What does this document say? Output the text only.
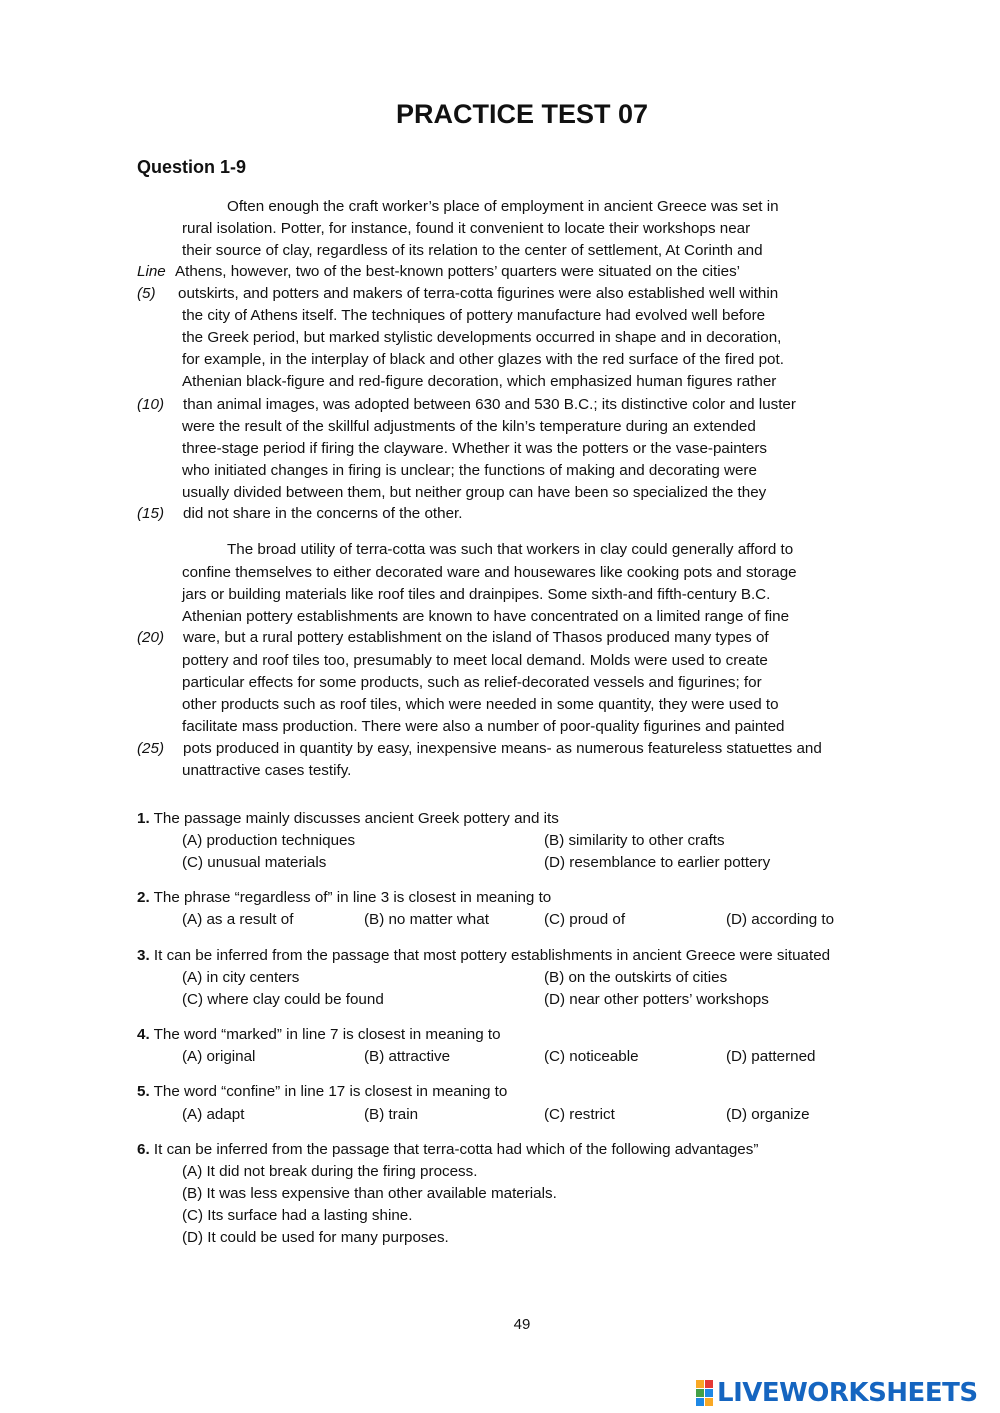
PRACTICE TEST 07
Question 1-9
Often enough the craft worker’s place of employment in ancient Greece was set in
rural isolation. Potter, for instance, found it convenient to locate their workshops near
their source of clay, regardless of its relation to the center of settlement, At Corinth and
Athens, however, two of the best-known potters’ quarters were situated on the cities’
outskirts, and potters and makers of terra-cotta figurines were also established well within
the city of Athens itself. The techniques of pottery manufacture had evolved well before
the Greek period, but marked stylistic developments occurred in shape and in decoration,
for example, in the interplay of black and other glazes with the red surface of the fired pot.
Athenian black-figure and red-figure decoration, which emphasized human figures rather
than animal images, was adopted between 630 and 530 B.C.; its distinctive color and luster
were the result of the skillful adjustments of the kiln’s temperature during an extended
three-stage period if firing the clayware. Whether it was the potters or the vase-painters
who initiated changes in firing is unclear; the functions of making and decorating were
usually divided between them, but neither group can have been so specialized the they
did not share in the concerns of the other.
The broad utility of terra-cotta was such that workers in clay could generally afford to
confine themselves to either decorated ware and housewares like cooking pots and storage
jars or building materials like roof tiles and drainpipes. Some sixth-and fifth-century B.C.
Athenian pottery establishments are known to have concentrated on a limited range of fine
ware, but a rural pottery establishment on the island of Thasos produced many types of
pottery and roof tiles too, presumably to meet local demand. Molds were used to create
particular effects for some products, such as relief-decorated vessels and figurines; for
other products such as roof tiles, which were needed in some quantity, they were used to
facilitate mass production. There were also a number of poor-quality figurines and painted
pots produced in quantity by easy, inexpensive means- as numerous featureless statuettes and
unattractive cases testify.
Line
(5)
(10)
(15)
(20)
(25)
1. The passage mainly discusses ancient Greek pottery and its
(A) production techniques	(B) similarity to other crafts
(C) unusual materials	(D) resemblance to earlier pottery
2. The phrase “regardless of” in line 3 is closest in meaning to
(A) as a result of	(B) no matter what	(C) proud of	(D) according to
3. It can be inferred from the passage that most pottery establishments in ancient Greece were situated
(A) in city centers	(B) on the outskirts of cities
(C) where clay could be found	(D) near other potters’ workshops
4. The word “marked” in line 7 is closest in meaning to
(A) original	(B) attractive	(C) noticeable	(D) patterned
5. The word “confine” in line 17 is closest in meaning to
(A) adapt	(B) train	(C) restrict	(D) organize
6. It can be inferred from the passage that terra-cotta had which of the following advantages”
(A) It did not break during the firing process.
(B) It was less expensive than other available materials.
(C) Its surface had a lasting shine.
(D) It could be used for many purposes.
49
LIVEWORKSHEETS
